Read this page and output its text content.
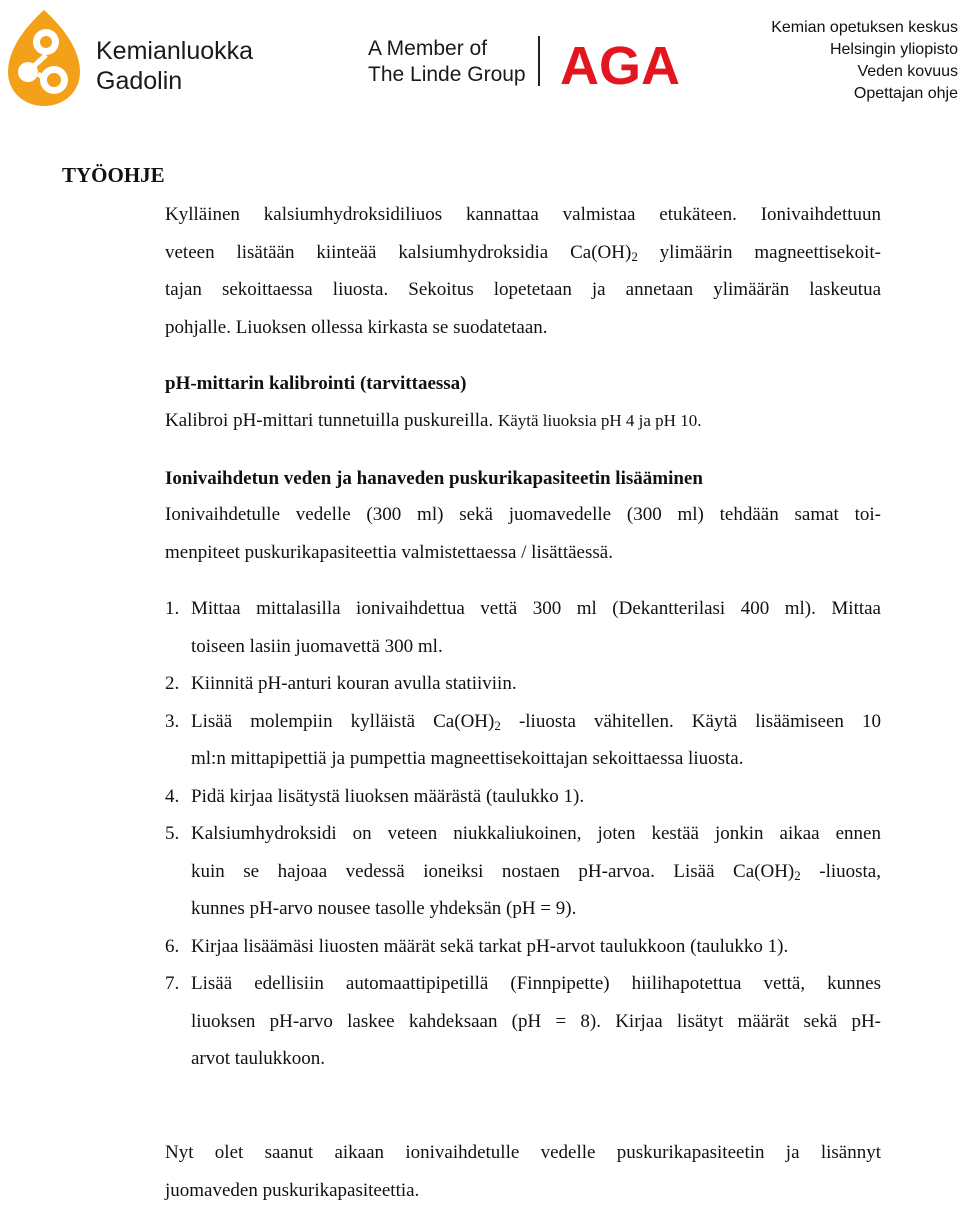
Kemianluokka
Gadolin
A Member of
The Linde Group AGA
Kemian opetuksen keskus
Helsingin yliopisto
Veden kovuus
Opettajan ohje
TYÖOHJE
Kylläinen kalsiumhydroksidiliuos kannattaa valmistaa etukäteen. Ionivaihdettuun
veteen lisätään kiinteää kalsiumhydroksidia $Ca(OH)_2$ ylimäärin magneettisekoit-
tajan sekoittaessa liuosta. Sekoitus lopetetaan ja annetaan ylimäärän laskeutua
pohjalle. Liuoksen ollessa kirkasta se suodatetaan.
pH-mittarin kalibrointi (tarvittaessa)
Kalibroi pH-mittari tunnetuilla puskureilla. Käytä liuoksia pH 4 ja pH 10.
Ionivaihdetun veden ja hanaveden puskurikapasiteetin lisääminen
Ionivaihdetulle vedelle (300 ml) sekä juomavedelle (300 ml) tehdään samat toi-
menpiteet puskurikapasiteettia valmistettaessa / lisättäessä.
1. Mittaa mittalasilla ionivaihdettua vettä 300 ml (Dekantterilasi 400 ml). Mittaa
toiseen lasiin juomavettä 300 ml.
2. Kiinnitä pH-anturi kouran avulla statiiviin.
3. Lisää molempiin kylläistä $Ca(OH)_2$ -liuosta vähitellen. Käytä lisäämiseen 10
ml:n mittapipettiä ja pumpettia magneettisekoittajan sekoittaessa liuosta.
4. Pidä kirjaa lisätystä liuoksen määrästä (taulukko 1).
5. Kalsiumhydroksidi on veteen niukkaliukoinen, joten kestää jonkin aikaa ennen
kuin se hajoaa vedessä ioneiksi nostaen pH-arvoa. Lisää $Ca(OH)_2$ -liuosta,
kunnes pH-arvo nousee tasolle yhdeksän (pH = 9).
6. Kirjaa lisäämäsi liuosten määrät sekä tarkat pH-arvot taulukkoon (taulukko 1).
7. Lisää edellisiin automaattipipetillä (Finnpipette) hiilihapotettua vettä, kunnes
liuoksen pH-arvo laskee kahdeksaan (pH = 8). Kirjaa lisätyt määrät sekä pH-
arvot taulukkoon.
Nyt olet saanut aikaan ionivaihdetulle vedelle puskurikapasiteetin ja lisännyt
juomaveden puskurikapasiteettia.
